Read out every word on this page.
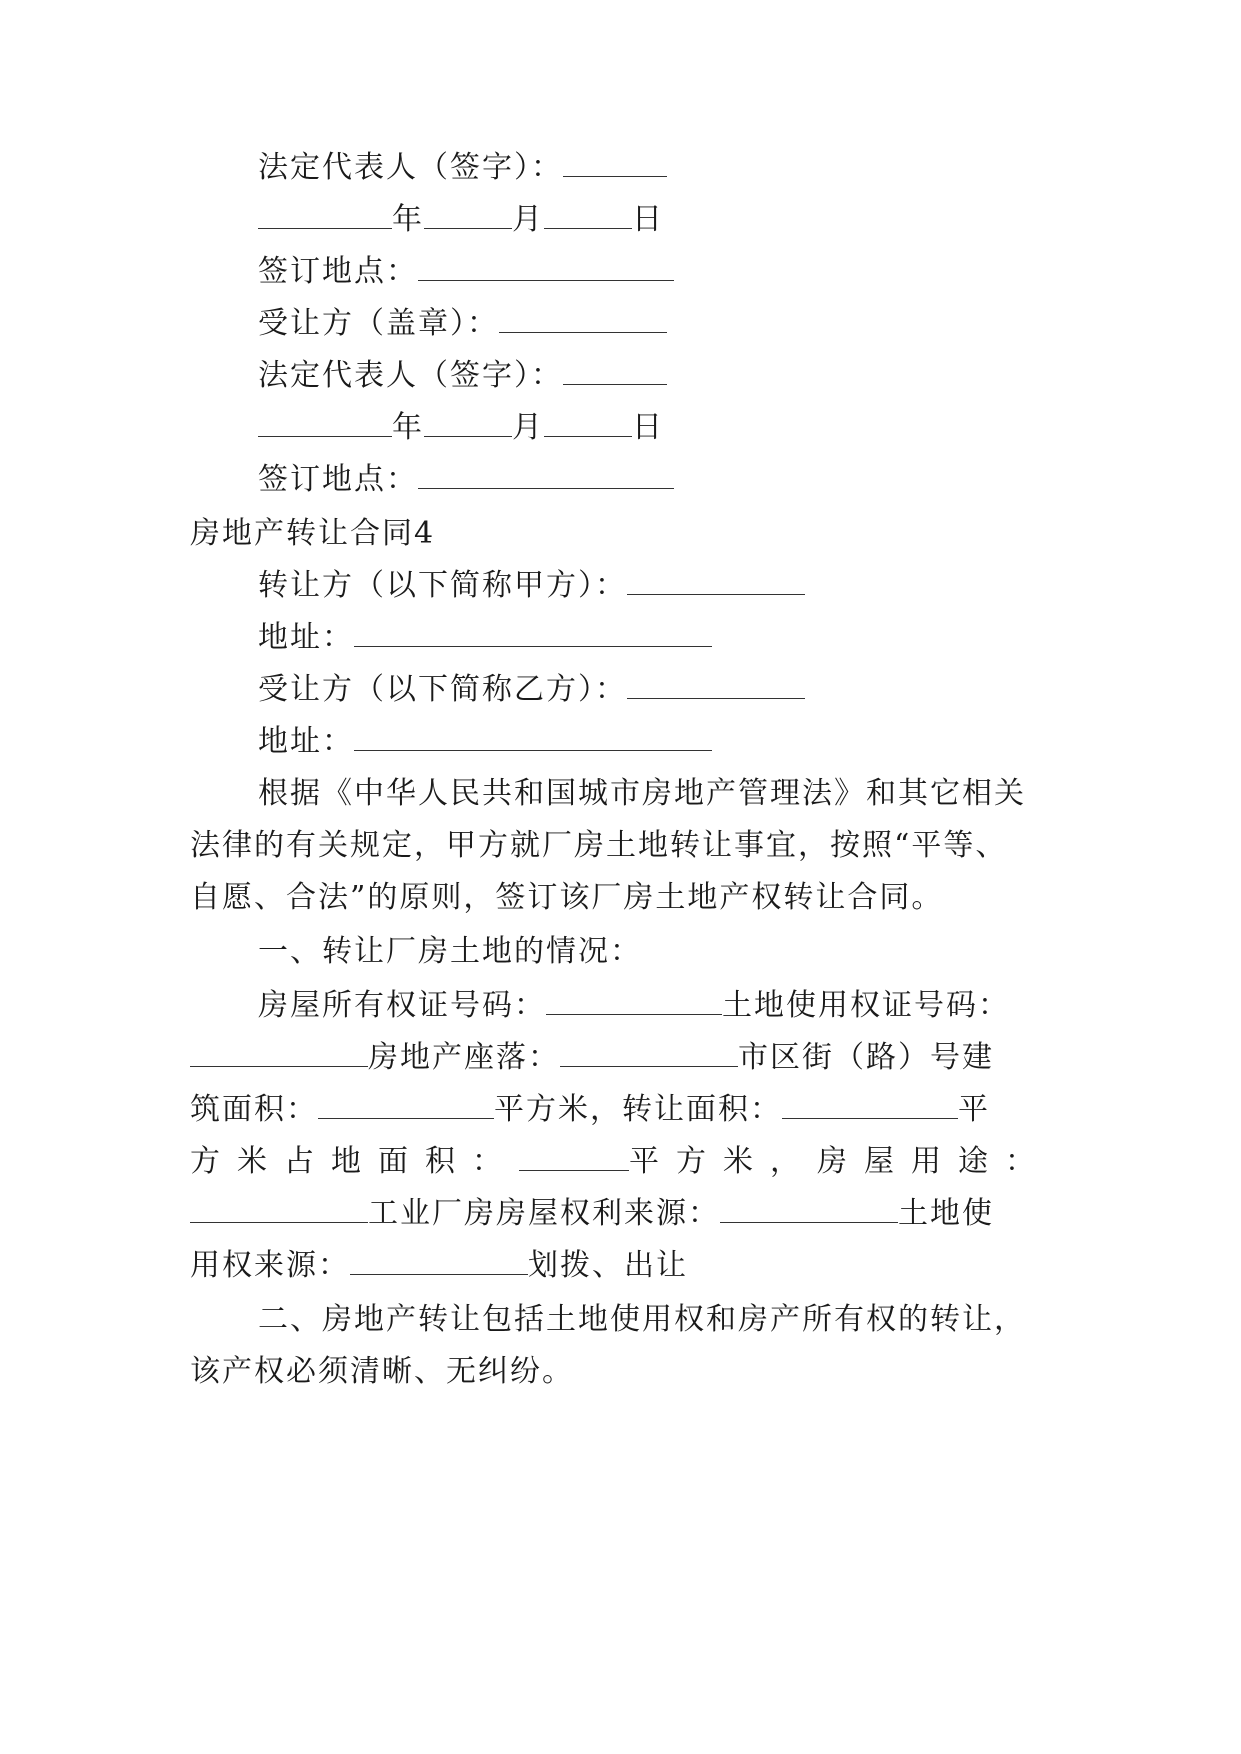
法定代表人（签字）：
年	月	日
签订地点：
受让方（盖章）：
法定代表人（签字）：
年	月	日
签订地点：
房地产转让合同4
转让方（以下简称甲方）：
地址：
受让方（以下简称乙方）：
地址：
根据《中华人民共和国城市房地产管理法》和其它相关
法律的有关规定，甲方就厂房土地转让事宜，按照“平等、
自愿、合法”的原则，签订该厂房土地产权转让合同。
一、转让厂房土地的情况：
房屋所有权证号码：	土地使用权证号码：
房地产座落：	市区街（路）号建
筑面积：	平方米，转让面积：	平
方米占地面积：	平方米，房屋用途：
工业厂房房屋权利来源：	土地使
用权来源：	划拨、出让
二、房地产转让包括土地使用权和房产所有权的转让，
该产权必须清晰、无纠纷。
